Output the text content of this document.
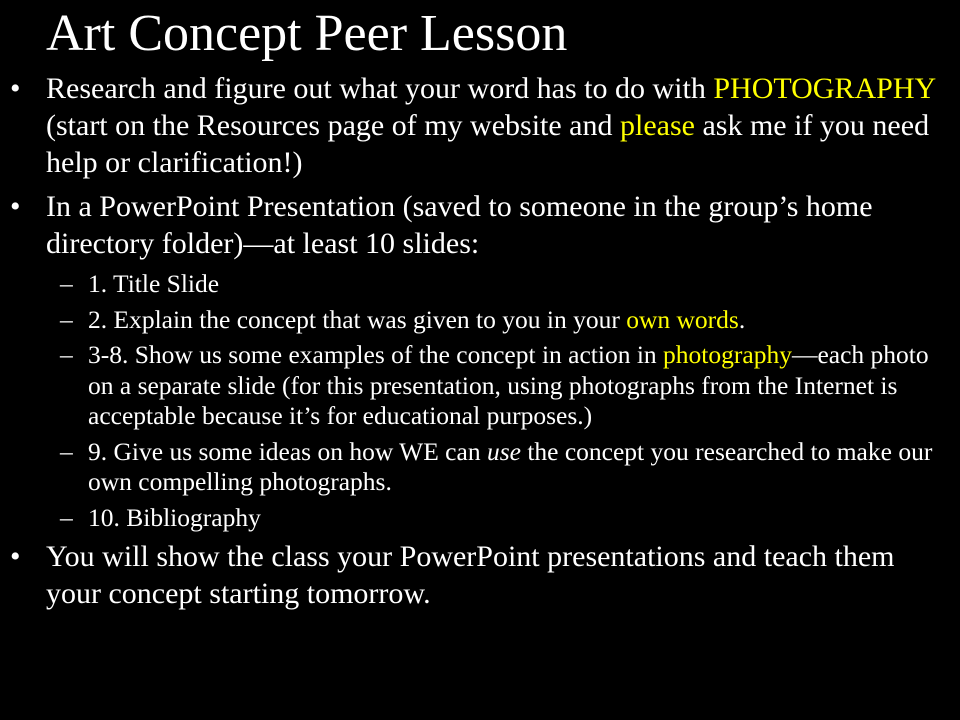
Art Concept Peer Lesson
• Research and figure out what your word has to do with PHOTOGRAPHY (start on the Resources page of my website and please ask me if you need help or clarification!)
• In a PowerPoint Presentation (saved to someone in the group’s home directory folder)—at least 10 slides:
– 1. Title Slide
– 2. Explain the concept that was given to you in your own words.
– 3-8. Show us some examples of the concept in action in photography—each photo on a separate slide (for this presentation, using photographs from the Internet is acceptable because it’s for educational purposes.)
– 9. Give us some ideas on how WE can use the concept you researched to make our own compelling photographs.
– 10. Bibliography
• You will show the class your PowerPoint presentations and teach them your concept starting tomorrow.
